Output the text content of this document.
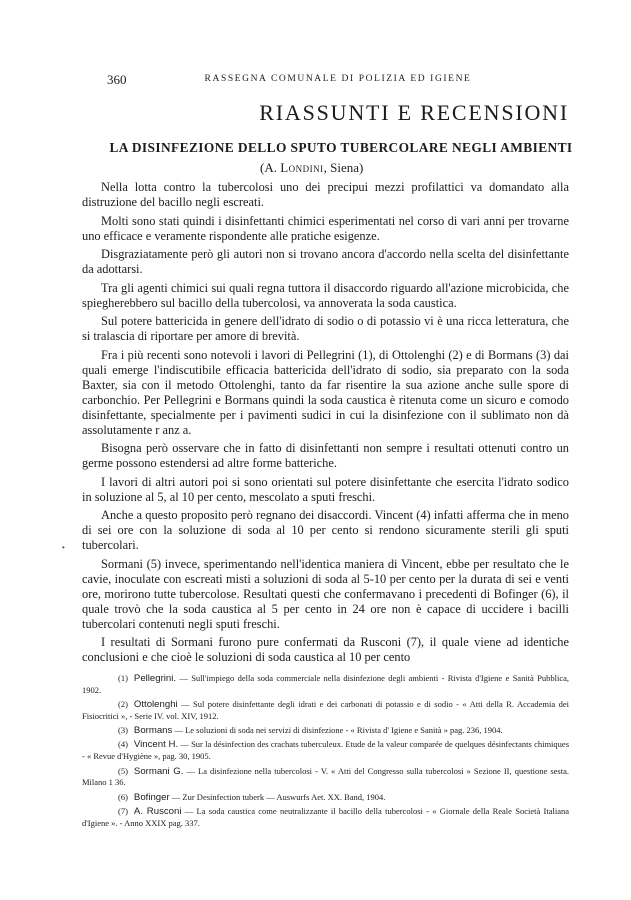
360	RASSEGNA COMUNALE DI POLIZIA ED IGIENE
RIASSUNTI E RECENSIONI
LA DISINFEZIONE DELLO SPUTO TUBERCOLARE NEGLI AMBIENTI
(A. Londini, Siena)

Nella lotta contro la tubercolosi uno dei precipui mezzi profilattici va domandato alla distruzione del bacillo negli escreati.

Molti sono stati quindi i disinfettanti chimici esperimentati nel corso di vari anni per trovarne uno efficace e veramente rispondente alle pratiche esigenze.

Disgraziatamente però gli autori non si trovano ancora d'accordo nella scelta del disinfettante da adottarsi.

Tra gli agenti chimici sui quali regna tuttora il disaccordo riguardo all'azione microbicida, che spiegherebbero sul bacillo della tubercolosi, va annoverata la soda caustica.

Sul potere battericida in genere dell'idrato di sodio o di potassio vi è una ricca letteratura, che si tralascia di riportare per amore di brevità.

Fra i più recenti sono notevoli i lavori di Pellegrini (1), di Ottolenghi (2) e di Bormans (3) dai quali emerge l'indiscutibile efficacia battericida dell'idrato di sodio, sia preparato con la soda Baxter, sia con il metodo Ottolenghi, tanto da far risentire la sua azione anche sulle spore di carbonchio. Per Pellegrini e Bormans quindi la soda caustica è ritenuta come un sicuro e comodo disinfettante, specialmente per i pavimenti sudici in cui la disinfezione con il sublimato non dà assolutamente r anz a.

Bisogna però osservare che in fatto di disinfettanti non sempre i resultati ottenuti contro un germe possono estendersi ad altre forme batteriche.

I lavori di altri autori poi si sono orientati sul potere disinfettante che esercita l'idrato sodico in soluzione al 5, al 10 per cento, mescolato a sputi freschi.

Anche a questo proposito però regnano dei disaccordi. Vincent (4) infatti afferma che in meno di sei ore con la soluzione di soda al 10 per cento si rendono sicuramente sterili gli sputi tubercolari.

Sormani (5) invece, sperimentando nell'identica maniera di Vincent, ebbe per resultato che le cavie, inoculate con escreati misti a soluzioni di soda al 5-10 per cento per la durata di sei e venti ore, morirono tutte tubercolose. Resultati questi che confermavano i precedenti di Bofinger (6), il quale trovò che la soda caustica al 5 per cento in 24 ore non è capace di uccidere i bacilli tubercolari contenuti negli sputi freschi.

I resultati di Sormani furono pure confermati da Rusconi (7), il quale viene ad identiche conclusioni e che cioè le soluzioni di soda caustica al 10 per cento

(1) Pellegrini. — Sull'impiego della soda commerciale nella disinfezione degli ambienti - Rivista d'Igiene e Sanità Pubblica, 1902.
(2) Ottolenghi — Sul potere disinfettante degli idrati e dei carbonati di potassio e di sodio - « Atti della R. Accademia dei Fisiocritici », - Serie IV. vol. XIV, 1912.
(3) Bormans — Le soluzioni di soda nei servizi di disinfezione - « Rivista d' Igiene e Sanità » pag. 236, 1904.
(4) Vincent H. — Sur la désinfection des crachats tuberculeux. Etude de la valeur comparée de quelques désinfectants chimiques - « Revue d'Hygiène », pag. 30, 1905.
(5) Sormani G. — La disinfezione nella tubercolosi - V. « Atti del Congresso sulla tubercolosi » Sezione II, questione sesta. Milano 1 36.
(6) Bofinger — Zur Desinfection tuberk — Auswurfs Aet. XX. Band, 1904.
(7) A. Rusconi — La soda caustica come neutralizzante il bacillo della tubercolosi - « Giornale della Reale Società Italiana d'Igiene ». - Anno XXIX pag. 337.
•
